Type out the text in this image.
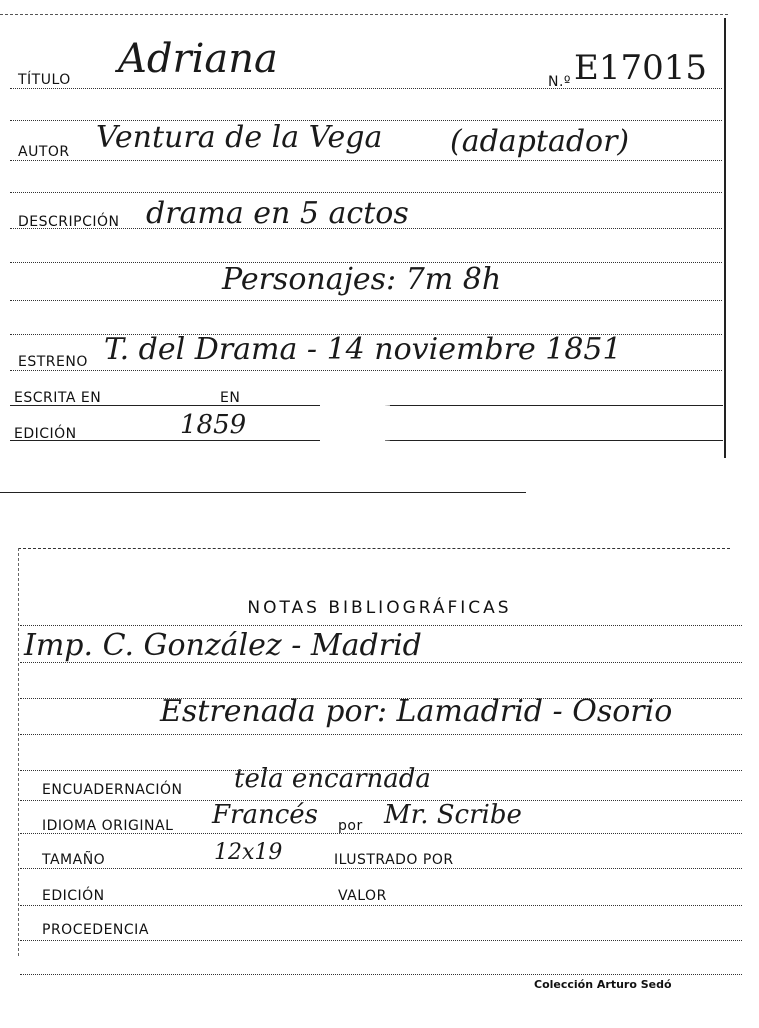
TÍTULO Adriana	N.º E17015
AUTOR Ventura de la Vega (adaptador)
DESCRIPCIÓN drama en 5 actos
Personajes: 7m 8h
ESTRENO T. del Drama - 14 noviembre 1851
ESCRITA EN	EN
EDICIÓN	1859
NOTAS BIBLIOGRÁFICAS
Imp. C. González - Madrid
Estrenada por: Lamadrid - Osorio
ENCUADERNACIÓN tela encarnada
IDIOMA ORIGINAL Francés por Mr. Scribe
TAMAÑO	12x19	ILUSTRADO POR
EDICIÓN	VALOR
PROCEDENCIA
Colección Arturo Sedó
